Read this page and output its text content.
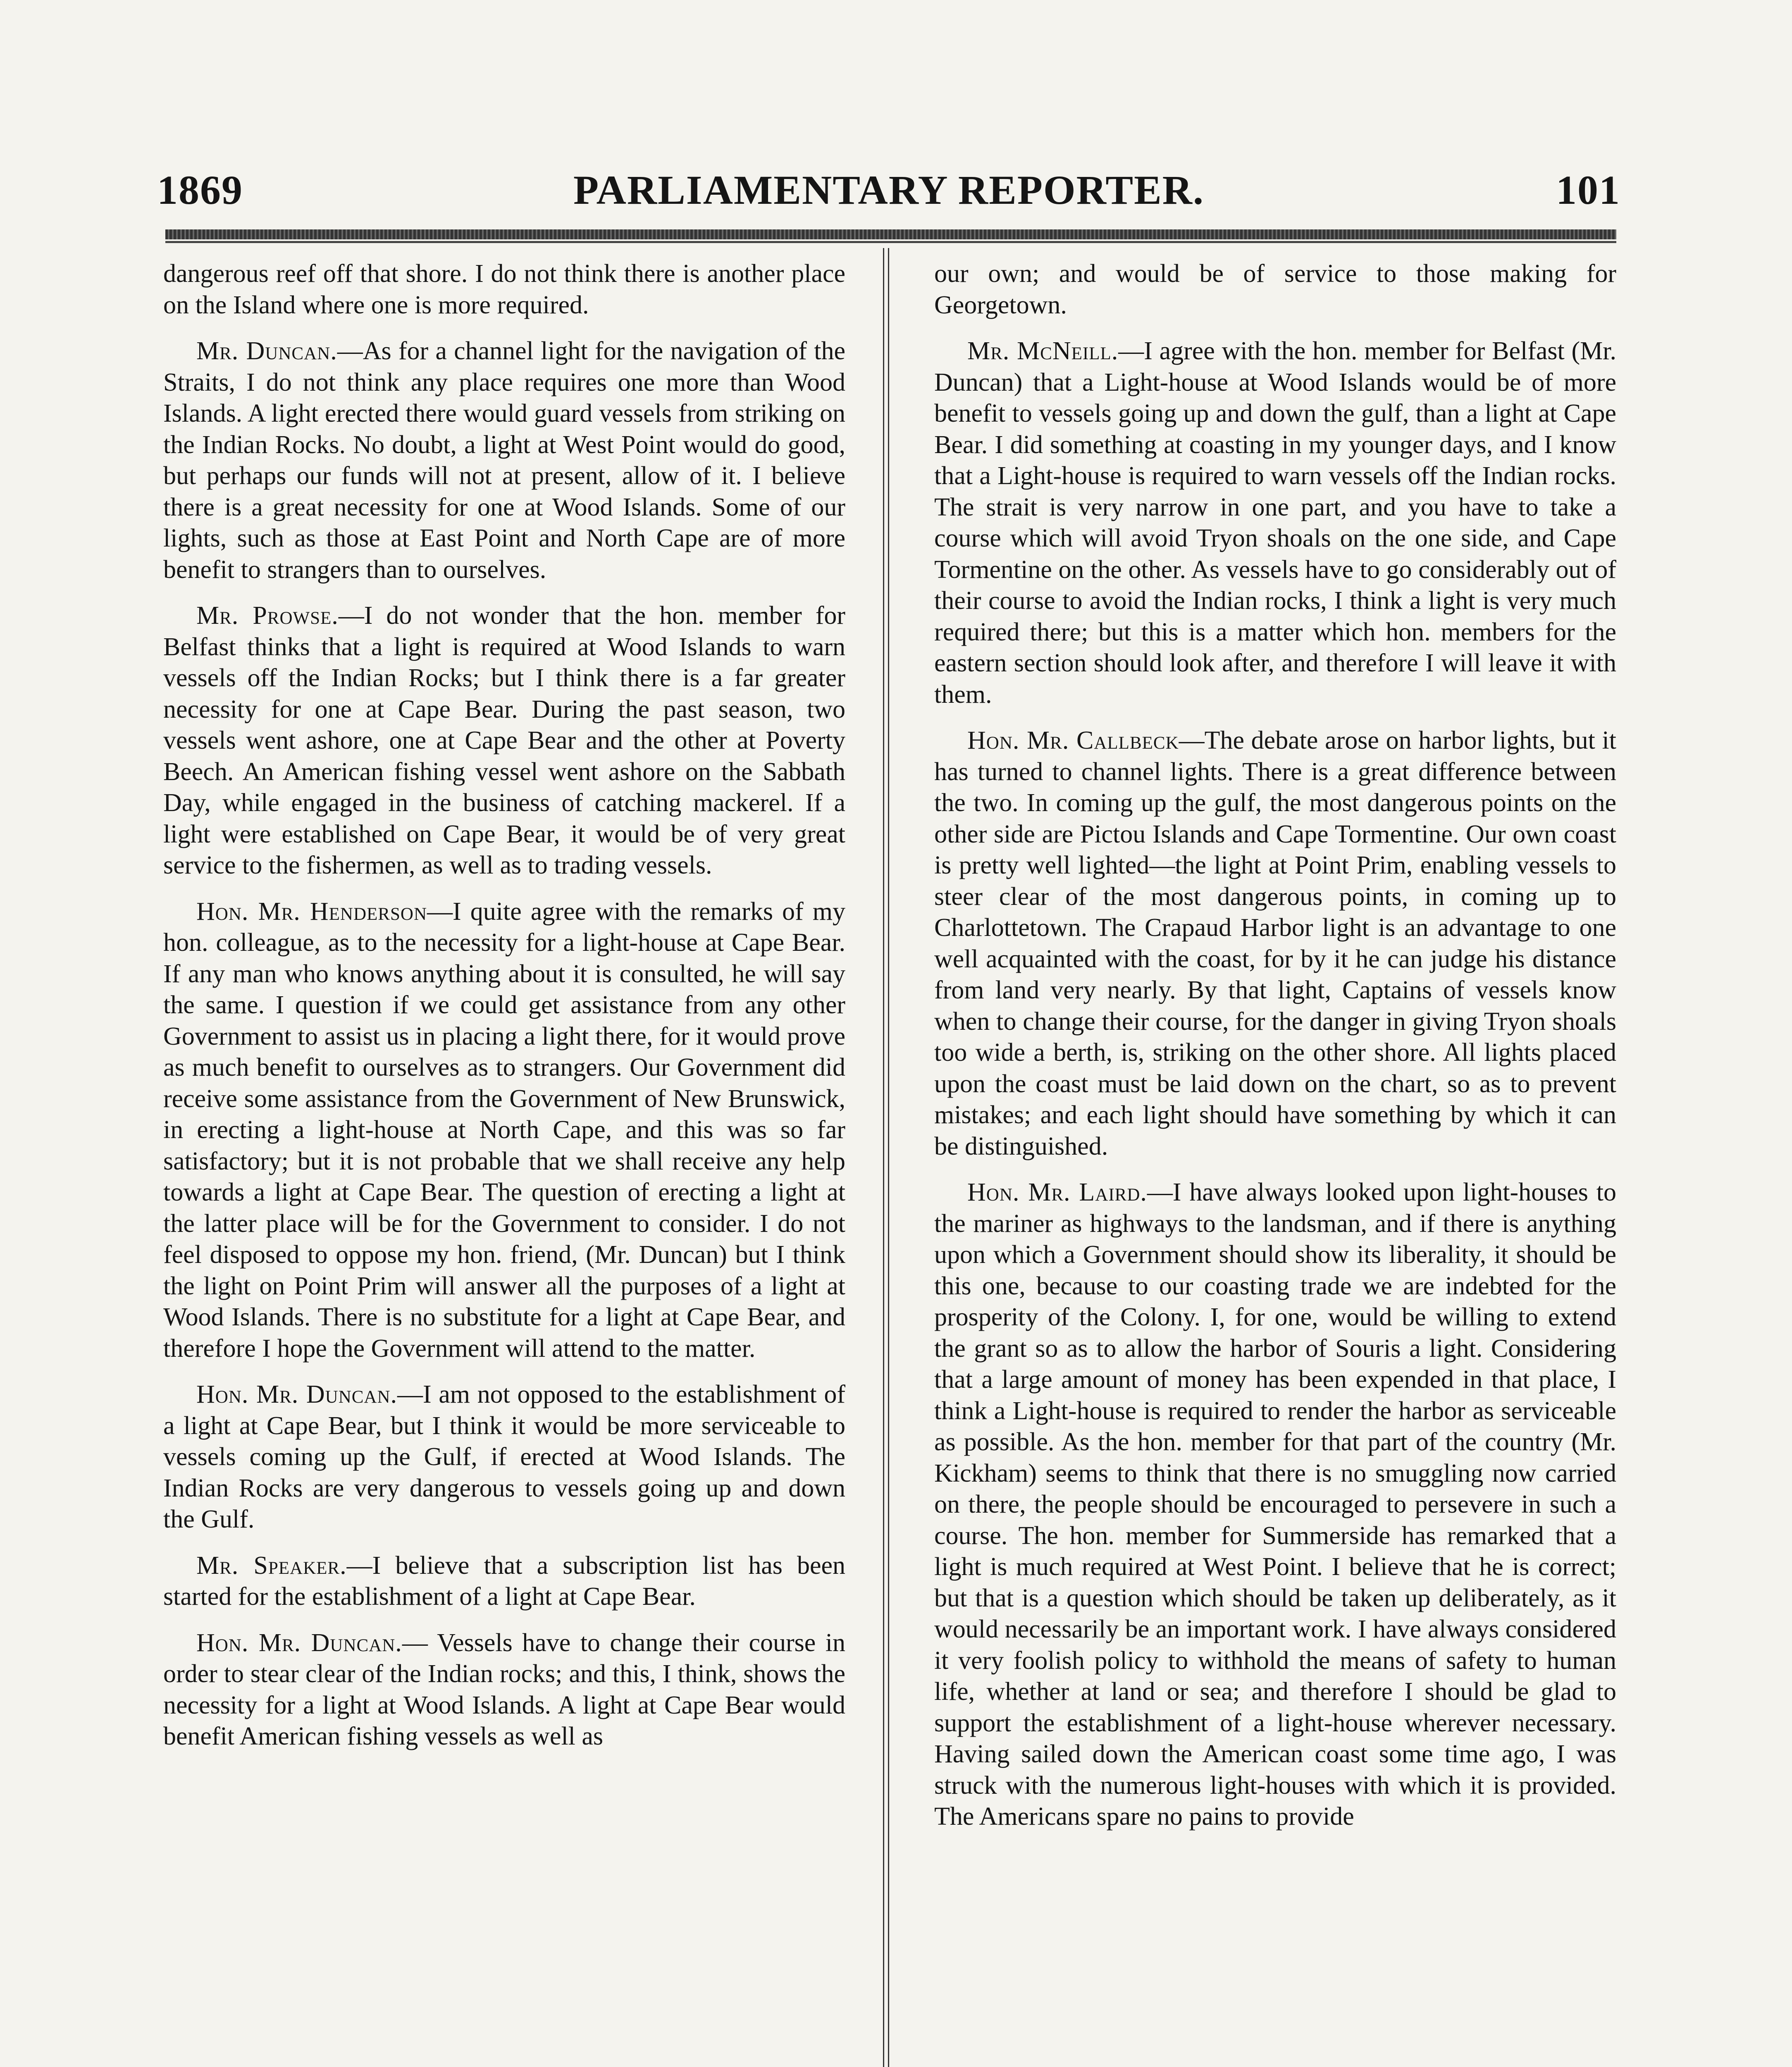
1869	PARLIAMENTARY REPORTER.	101

dangerous reef off that shore. I do not think there is another place on the Island where one is more required.

Mr. Duncan.—As for a channel light for the navigation of the Straits, I do not think any place requires one more than Wood Islands. A light erected there would guard vessels from striking on the Indian Rocks. No doubt, a light at West Point would do good, but perhaps our funds will not at present, allow of it. I believe there is a great necessity for one at Wood Islands. Some of our lights, such as those at East Point and North Cape are of more benefit to strangers than to ourselves.

Mr. Prowse.—I do not wonder that the hon. member for Belfast thinks that a light is required at Wood Islands to warn vessels off the Indian Rocks; but I think there is a far greater necessity for one at Cape Bear. During the past season, two vessels went ashore, one at Cape Bear and the other at Poverty Beech. An American fishing vessel went ashore on the Sabbath Day, while engaged in the business of catching mackerel. If a light were established on Cape Bear, it would be of very great service to the fishermen, as well as to trading vessels.

Hon. Mr. Henderson—I quite agree with the remarks of my hon. colleague, as to the necessity for a light-house at Cape Bear. If any man who knows anything about it is consulted, he will say the same. I question if we could get assistance from any other Government to assist us in placing a light there, for it would prove as much benefit to ourselves as to strangers. Our Government did receive some assistance from the Government of New Brunswick, in erecting a light-house at North Cape, and this was so far satisfactory; but it is not probable that we shall receive any help towards a light at Cape Bear. The question of erecting a light at the latter place will be for the Government to consider. I do not feel disposed to oppose my hon. friend, (Mr. Duncan) but I think the light on Point Prim will answer all the purposes of a light at Wood Islands. There is no substitute for a light at Cape Bear, and therefore I hope the Government will attend to the matter.

Hon. Mr. Duncan.—I am not opposed to the establishment of a light at Cape Bear, but I think it would be more serviceable to vessels coming up the Gulf, if erected at Wood Islands. The Indian Rocks are very dangerous to vessels going up and down the Gulf.

Mr. Speaker.—I believe that a subscription list has been started for the establishment of a light at Cape Bear.

Hon. Mr. Duncan.— Vessels have to change their course in order to stear clear of the Indian rocks; and this, I think, shows the necessity for a light at Wood Islands. A light at Cape Bear would benefit American fishing vessels as well as

our own; and would be of service to those making for Georgetown.

Mr. McNeill.—I agree with the hon. member for Belfast (Mr. Duncan) that a Light-house at Wood Islands would be of more benefit to vessels going up and down the gulf, than a light at Cape Bear. I did something at coasting in my younger days, and I know that a Light-house is required to warn vessels off the Indian rocks. The strait is very narrow in one part, and you have to take a course which will avoid Tryon shoals on the one side, and Cape Tormentine on the other. As vessels have to go considerably out of their course to avoid the Indian rocks, I think a light is very much required there; but this is a matter which hon. members for the eastern section should look after, and therefore I will leave it with them.

Hon. Mr. Callbeck—The debate arose on harbor lights, but it has turned to channel lights. There is a great difference between the two. In coming up the gulf, the most dangerous points on the other side are Pictou Islands and Cape Tormentine. Our own coast is pretty well lighted—the light at Point Prim, enabling vessels to steer clear of the most dangerous points, in coming up to Charlottetown. The Crapaud Harbor light is an advantage to one well acquainted with the coast, for by it he can judge his distance from land very nearly. By that light, Captains of vessels know when to change their course, for the danger in giving Tryon shoals too wide a berth, is, striking on the other shore. All lights placed upon the coast must be laid down on the chart, so as to prevent mistakes; and each light should have something by which it can be distinguished.

Hon. Mr. Laird.—I have always looked upon light-houses to the mariner as highways to the landsman, and if there is anything upon which a Government should show its liberality, it should be this one, because to our coasting trade we are indebted for the prosperity of the Colony. I, for one, would be willing to extend the grant so as to allow the harbor of Souris a light. Considering that a large amount of money has been expended in that place, I think a Light-house is required to render the harbor as serviceable as possible. As the hon. member for that part of the country (Mr. Kickham) seems to think that there is no smuggling now carried on there, the people should be encouraged to persevere in such a course. The hon. member for Summerside has remarked that a light is much required at West Point. I believe that he is correct; but that is a question which should be taken up deliberately, as it would necessarily be an important work. I have always considered it very foolish policy to withhold the means of safety to human life, whether at land or sea; and therefore I should be glad to support the establishment of a light-house wherever necessary. Having sailed down the American coast some time ago, I was struck with the numerous light-houses with which it is provided. The Americans spare no pains to provide
